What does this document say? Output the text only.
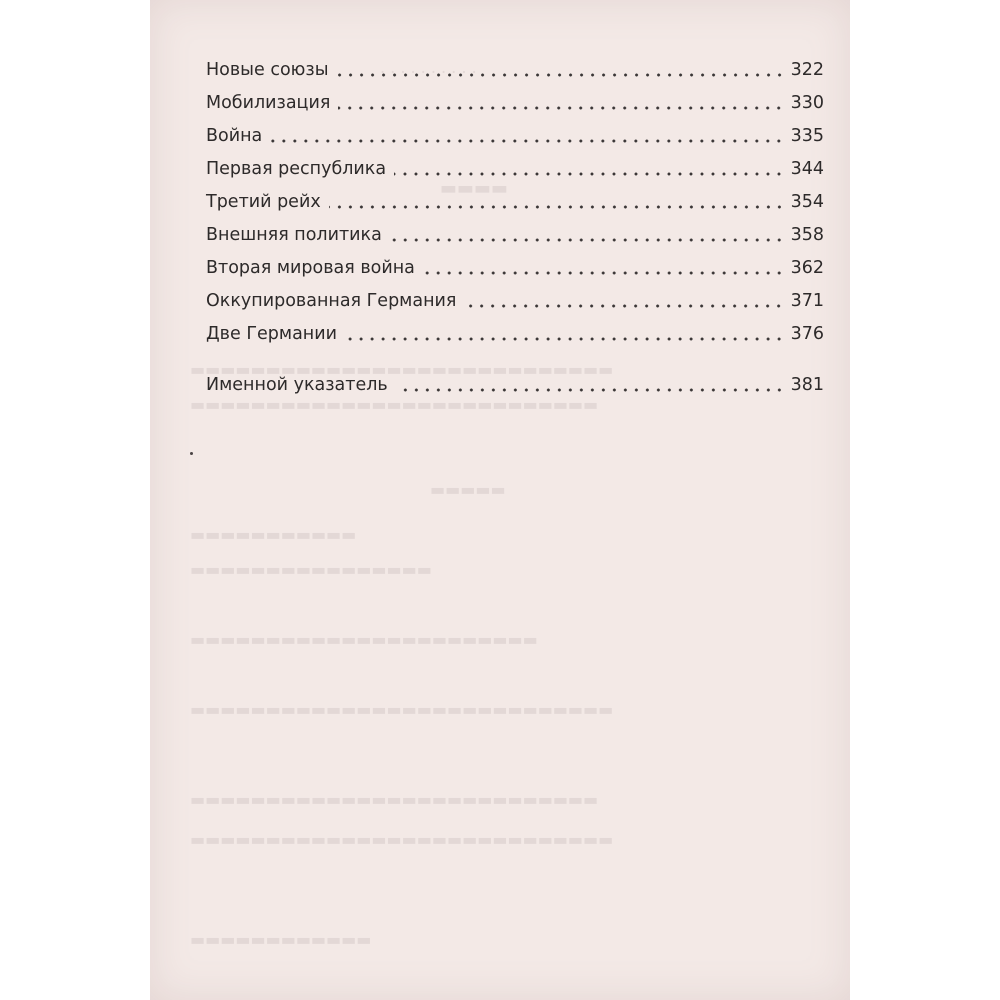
. . . . . . . . . .
▬▬▬▬
▬▬▬▬▬▬▬▬▬▬▬▬▬▬▬▬▬▬▬▬▬▬▬▬▬▬▬▬
▬▬▬▬▬▬▬▬▬▬▬▬▬▬▬▬▬▬▬▬▬▬▬▬▬▬▬
▬▬▬▬▬
▬▬▬▬▬▬▬▬▬▬▬
▬▬▬▬▬▬▬▬▬▬▬▬▬▬▬▬
▬▬▬▬▬▬▬▬▬▬▬▬▬▬▬▬▬▬▬▬▬▬▬
▬▬▬▬▬▬▬▬▬▬▬▬▬▬▬▬▬▬▬▬▬▬▬▬▬▬▬▬
▬▬▬▬▬▬▬▬▬▬▬▬▬▬▬▬▬▬▬▬▬▬▬▬▬▬▬
▬▬▬▬▬▬▬▬▬▬▬▬▬▬▬▬▬▬▬▬▬▬▬▬▬▬▬▬
▬▬▬▬▬▬▬▬▬▬▬▬
Новые союзы	322
Мобилизация	330
Война	335
Первая республика	344
Третий рейх	354
Внешняя политика	358
Вторая мировая война	362
Оккупированная Германия	371
Две Германии	376
Именной указатель	381
